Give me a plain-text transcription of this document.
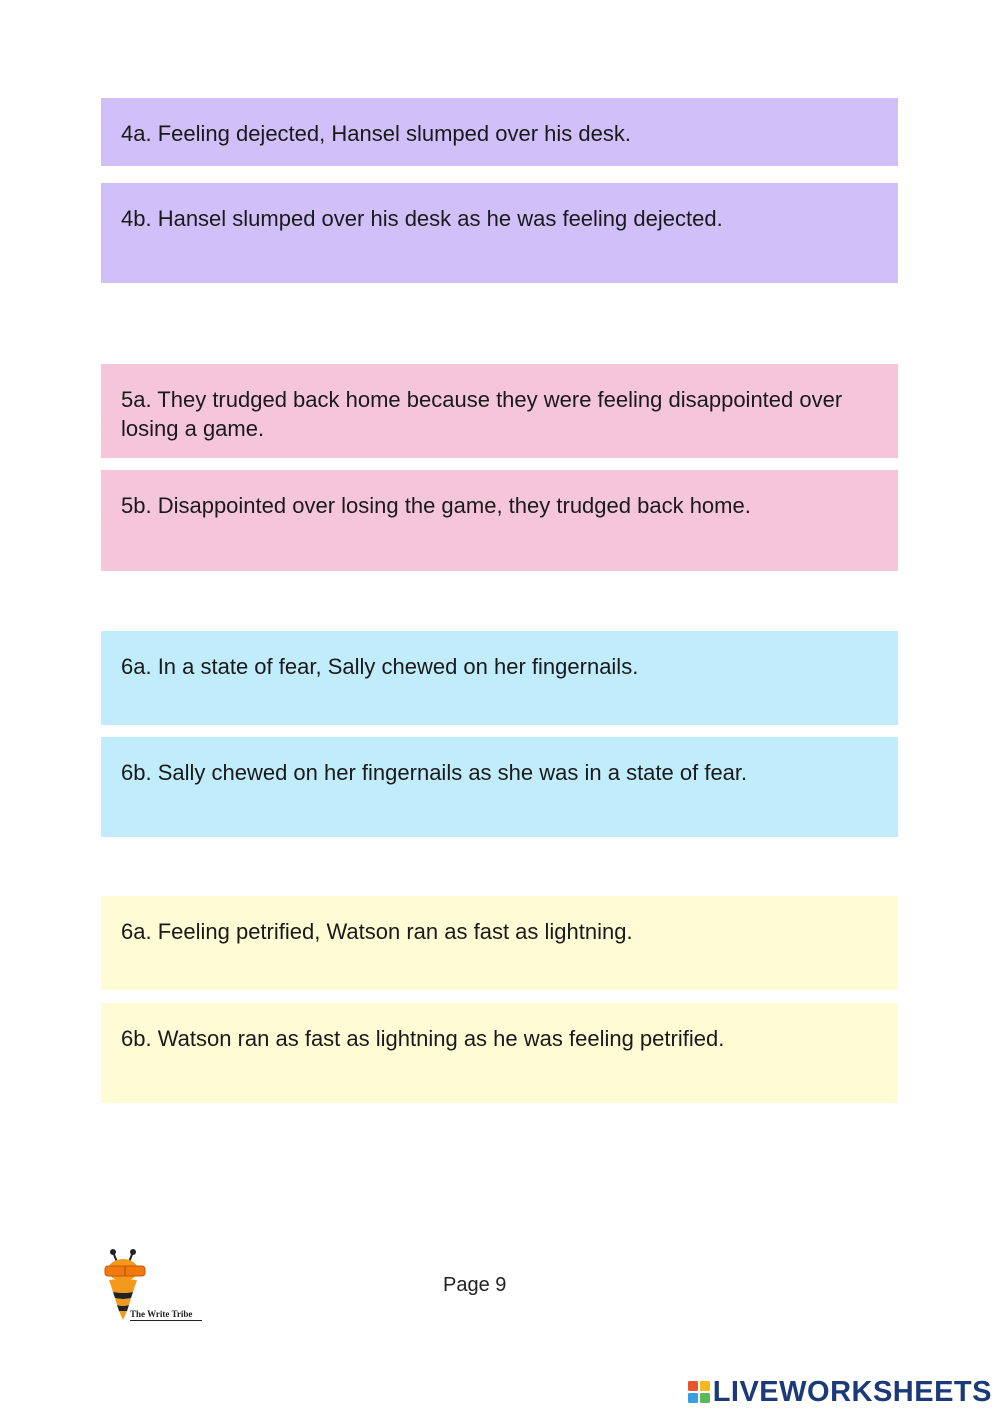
4a. Feeling dejected, Hansel slumped over his desk.
4b. Hansel slumped over his desk as he was feeling dejected.
5a. They trudged back home because they were feeling disappointed over losing a game.
5b. Disappointed over losing the game, they trudged back home.
6a. In a state of fear, Sally chewed on her fingernails.
6b. Sally chewed on her fingernails as she was in a state of fear.
6a. Feeling petrified, Watson ran as fast as lightning.
6b. Watson ran as fast as lightning as he was feeling petrified.
The Write Tribe
Page 9
LIVEWORKSHEETS
